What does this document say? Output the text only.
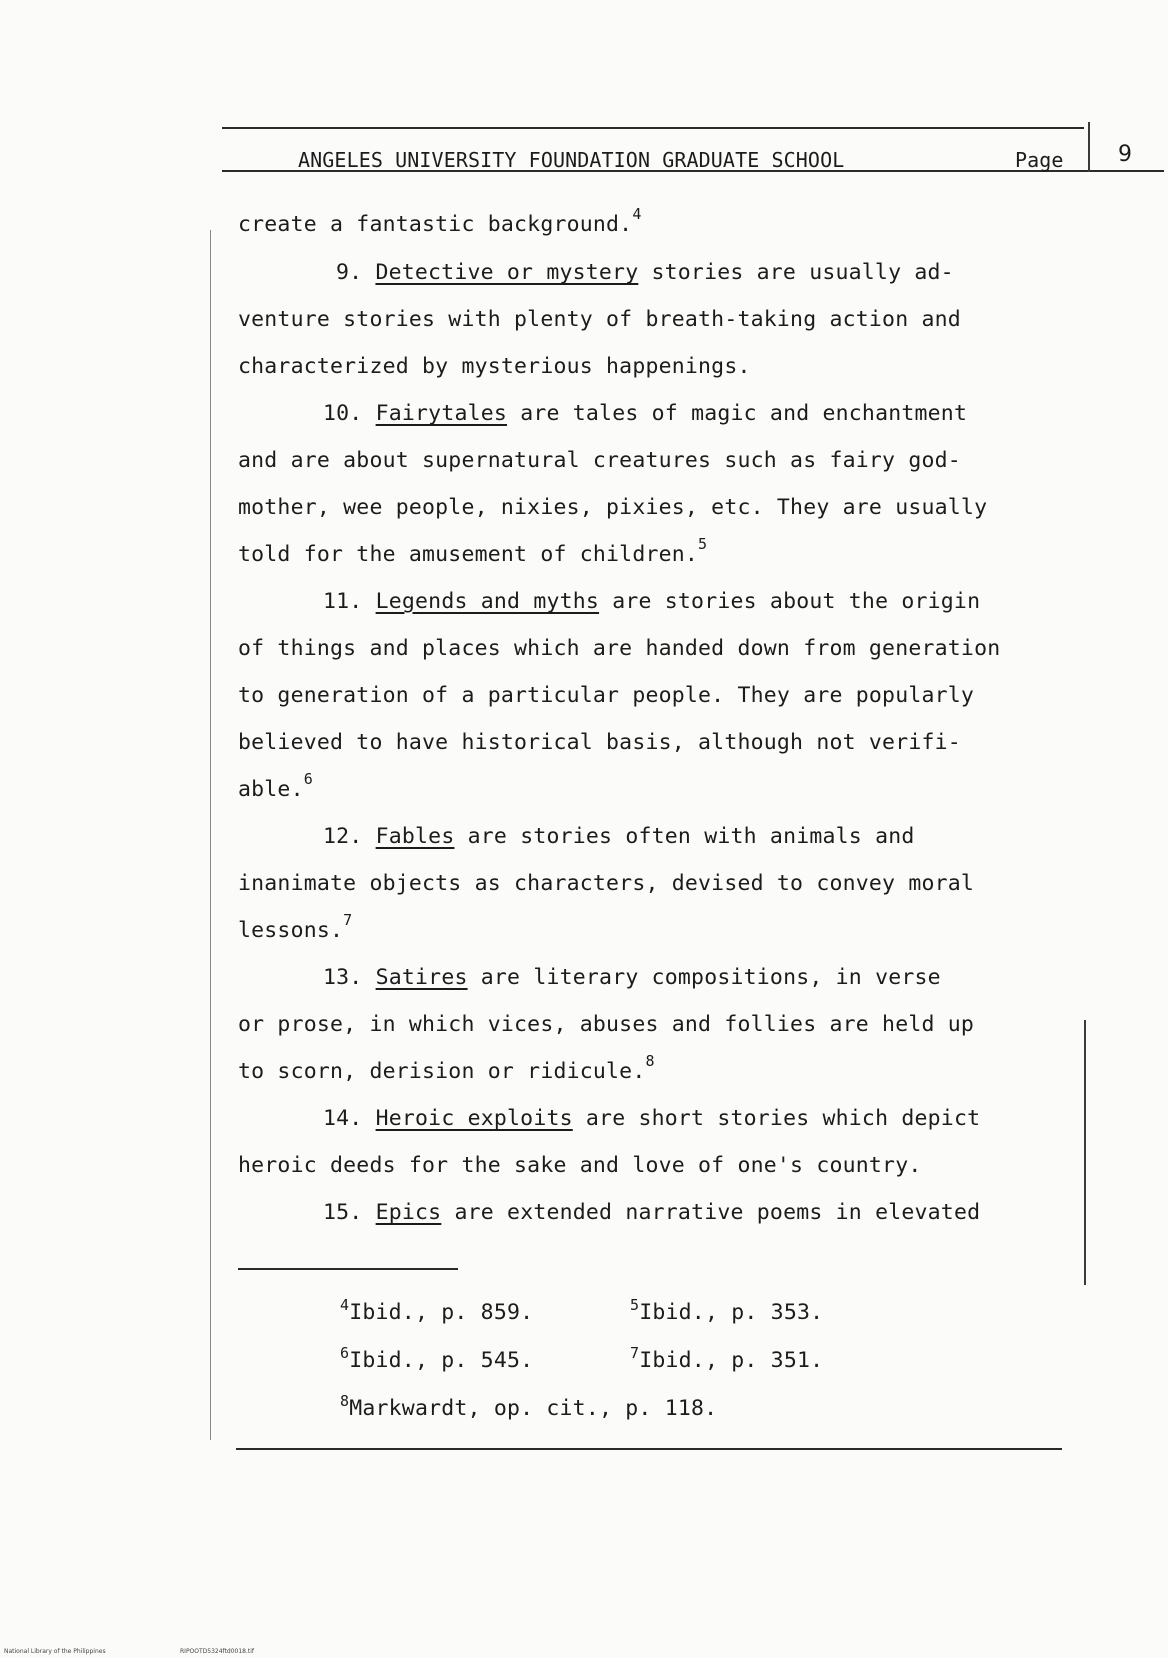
ANGELES UNIVERSITY FOUNDATION GRADUATE SCHOOL	Page 9
create a fantastic background.$^4$
9. Detective or mystery stories are usually ad-
venture stories with plenty of breath-taking action and
characterized by mysterious happenings.
10. Fairytales are tales of magic and enchantment
and are about supernatural creatures such as fairy god-
mother, wee people, nixies, pixies, etc. They are usually
told for the amusement of children.$^5$
11. Legends and myths are stories about the origin
of things and places which are handed down from generation
to generation of a particular people. They are popularly
believed to have historical basis, although not verifi-
able.$^6$
12. Fables are stories often with animals and
inanimate objects as characters, devised to convey moral
lessons.$^7$
13. Satires are literary compositions, in verse
or prose, in which vices, abuses and follies are held up
to scorn, derision or ridicule.$^8$
14. Heroic exploits are short stories which depict
heroic deeds for the sake and love of one's country.
15. Epics are extended narrative poems in elevated
$^4$Ibid., p. 859.	$^5$Ibid., p. 353.
$^6$Ibid., p. 545.	$^7$Ibid., p. 351.
$^8$Markwardt, op. cit., p. 118.
National Library of the Philippines	RIPOOTD5324ftd0018.tif
